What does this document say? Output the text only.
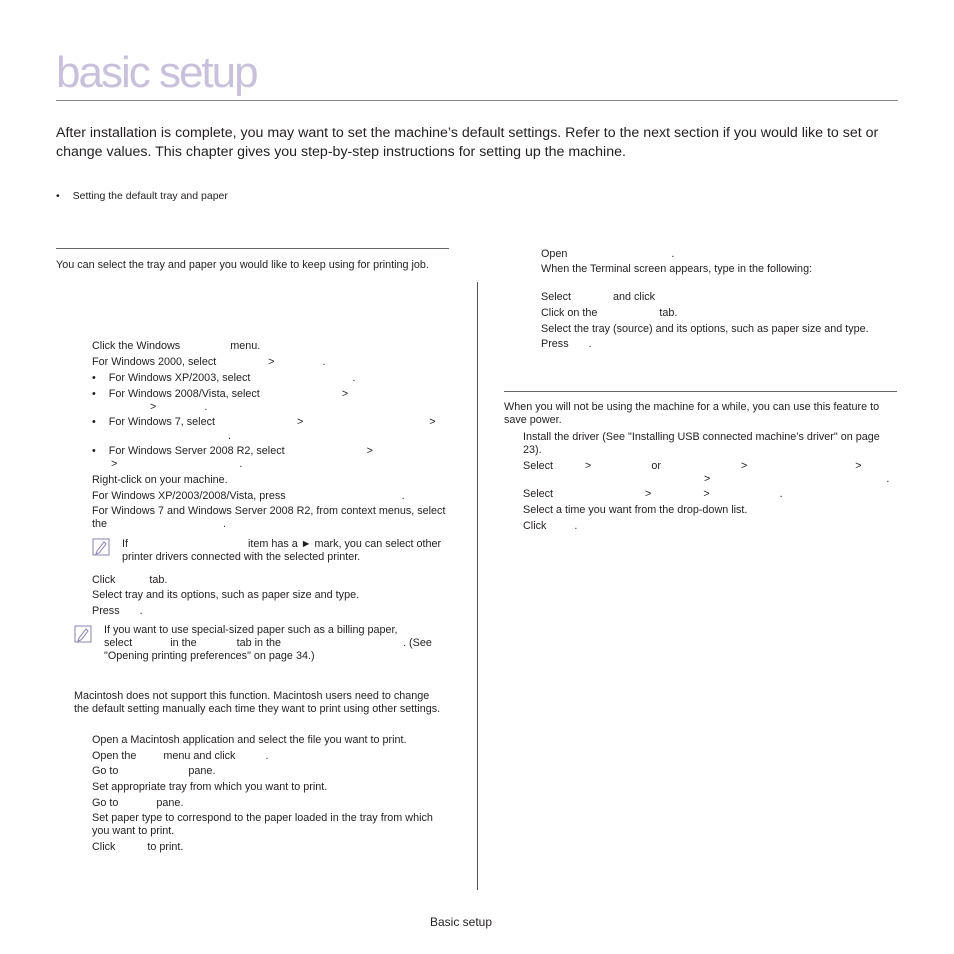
basic setup
After installation is complete, you may want to set the machine’s default settings. Refer to the next section if you would like to set or change values. This chapter gives you step-by-step instructions for setting up the machine.
• Setting the default tray and paper
You can select the tray and paper you would like to keep using for printing job.
Click the Windows	menu.
For Windows 2000, select	>	.
• For Windows XP/2003, select	.
• For Windows 2008/Vista, select	>
>	.
• For Windows 7, select	>	>
.
• For Windows Server 2008 R2, select	>
>	.
Right-click on your machine.
For Windows XP/2003/2008/Vista, press	.
For Windows 7 and Windows Server 2008 R2, from context menus, select the	.
If	item has a ► mark, you can select other printer drivers connected with the selected printer.
Click	tab.
Select tray and its options, such as paper size and type.
Press .
If you want to use special-sized paper such as a billing paper,
select	in the	tab in the	. (See
"Opening printing preferences" on page 34.)
Macintosh does not support this function. Macintosh users need to change the default setting manually each time they want to print using other settings.
Open a Macintosh application and select the file you want to print.
Open the	menu and click	.
Go to	pane.
Set appropriate tray from which you want to print.
Go to	pane.
Set paper type to correspond to the paper loaded in the tray from which you want to print.
Click	to print.
Open	.
When the Terminal screen appears, type in the following:
Select	and click
Click on the	tab.
Select the tray (source) and its options, such as paper size and type.
Press .
When you will not be using the machine for a while, you can use this feature to save power.
Install the driver (See "Installing USB connected machine’s driver" on page 23).
Select	>	or	>	>
>	.
Select	>	>	.
Select a time you want from the drop-down list.
Click	.
Basic setup
